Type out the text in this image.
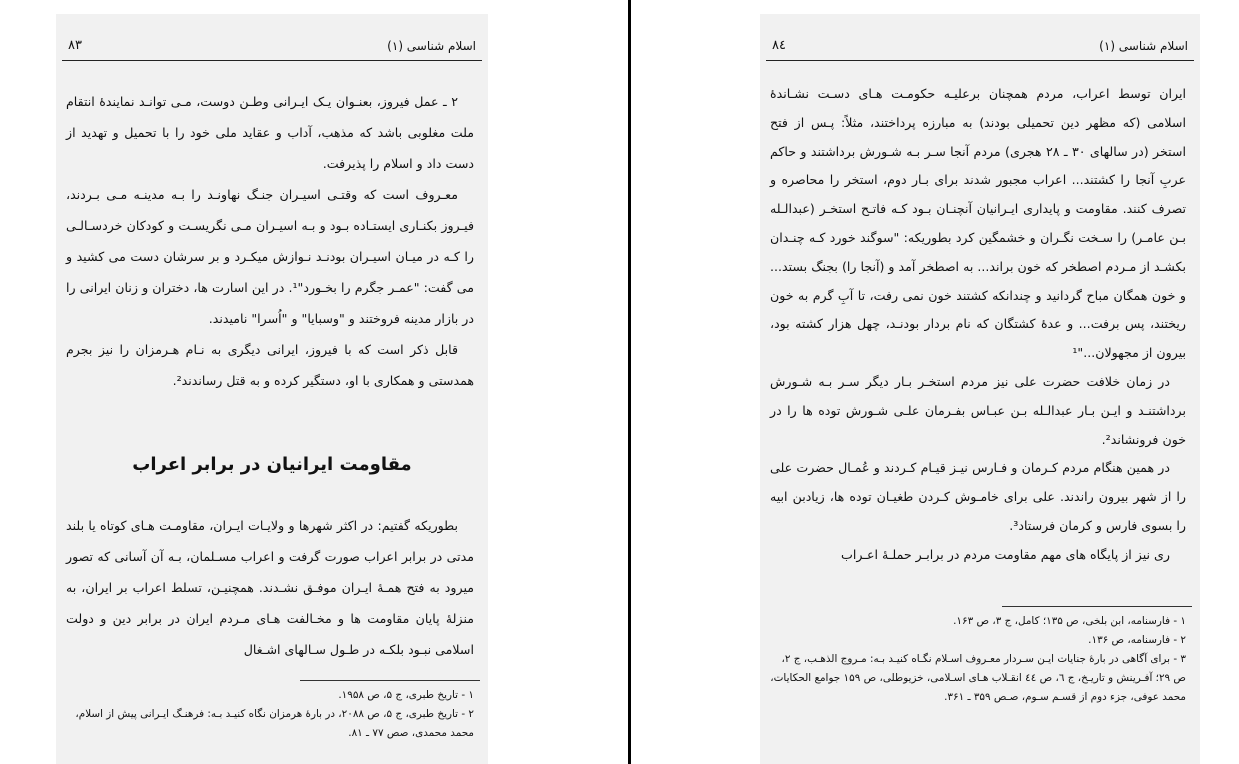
اسلام شناسی (۱)
۸۳

۲ ـ عمل فیروز، بعنـوان یـک ایـرانی وطـن دوست، مـی توانـد نمایندهٔ انتقام ملت مغلوبی باشد که مذهب، آداب و عقاید ملی خود را با تحمیل و تهدید از دست داد و اسلام را پذیرفت.

معـروف است که وقتـی اسیـران جنـگ نهاونـد را بـه مدینـه مـی بـردند، فیـروز بکنـاری ایستـاده بـود و بـه اسیـران مـی نگریسـت و کودکان خردسـالـی را کـه در میـان اسیـران بودنـد نـوازش میکـرد و بر سرشان دست می کشید و می گفت: "عمـر جگرم را بخـورد"¹. در این اسارت ها، دختران و زنان ایرانی را در بازار مدینه فروختند و "وسبایا" و "اُسرا" نامیدند.

قابل ذکر است که با فیروز، ایرانی دیگری به نـام هـرمزان را نیز بجرم همدستی و همکاری با او، دستگیر کرده و به قتل رساندند².

مقاومت ایرانیان در برابر اعراب

بطوریکه گفتیم: در اکثر شهرها و ولایـات ایـران، مقاومـت هـای کوتاه یا بلند مدتی در برابر اعراب صورت گرفت و اعراب مسـلمان، بـه آن آسانی که تصور میرود به فتح همـهٔ ایـران موفـق نشـدند. همچنیـن، تسلط اعراب بر ایران، به منزلهٔ پایان مقاومت ها و مخـالفت هـای مـردم ایران در برابر دین و دولت اسلامی نبـود بلکـه در طـول سـالهای اشـغال

۱ - تاریخ طبری، ج ۵، ص ۱۹۵۸.

۲ - تاریخ طبری، ج ۵، ص ۲۰۸۸، در بارهٔ هرمزان نگاه کنیـد بـه: فرهنـگ ایـرانی پیش از اسلام، محمد محمدی، صص ۷۷ ـ ۸۱.

اسلام شناسی (۱)
۸٤

ایران توسط اعراب، مردم همچنان برعلیـه حکومـت هـای دسـت نشـاندهٔ اسلامی (که مظهر دین تحمیلی بودند) به مبارزه پرداختند، مثلاً: پـس از فتح استخر (در سالهای ۳۰ ـ ۲۸ هجری) مردم آنجا سـر بـه شـورش برداشتند و حاکم عربِ آنجا را کشتند... اعراب مجبور شدند برای بـار دوم، استخر را محاصره و تصرف کنند. مقاومت و پایداری ایـرانیان آنچنـان بـود کـه فاتـح استخـر (عبدالـله بـن عامـر) را سـخت نگـران و خشمگین کرد بطوریکه: "سوگند خورد کـه چنـدان بکشـد از مـردم اصطخر که خون براند... به اصطخر آمد و (آنجا را) بجنگ بستد... و خون همگان مباح گردانید و چندانکه کشتند خون نمی رفت، تا آبِ گرم به خون ریختند، پس برفت... و عدهٔ کشتگان که نام بردار بودنـد، چهل هزار کشته بود، بیرون از مجهولان..."¹

در زمان خلافت حضرت علی نیز مردم استخـر بـار دیگر سـر بـه شـورش برداشتنـد و ایـن بـار عبدالـله بـن عبـاس بفـرمان علـی شـورش توده ها را در خون فرونشاند².

در همین هنگام مردم کـرمان و فـارس نیـز قیـام کـردند و عُمـال حضرت علی را از شهر بیرون راندند. علی برای خامـوش کـردن طغیـان توده ها، زیادبن ابیه را بسوی فارس و کرمان فرستاد³.

ری نیز از پایگاه های مهم مقاومت مردم در برابـر حملـهٔ اعـراب

۱ - فارسنامه، ابن بلخی، ص ۱۳۵؛ کامل، ج ۳، ص ۱۶۳.

۲ - فارسنامه، ص ۱۳۶.

۳ - برای آگاهی در بارهٔ جنایات ایـن سـردار معـروف اسـلام نگـاه کنیـد بـه: مـروج الذهـب، ج ۲، ص ۲۹؛ آفـرینش و تاریـخ، ج ٦، ص ٤٤ انقـلاب هـای اسـلامی، خزیوطلی، ص ۱۵۹ جوامع الحکایات، محمد عوفی، جزء دوم از قسـم سـوم، صـص ۳۵۹ ـ ۳۶۱.
